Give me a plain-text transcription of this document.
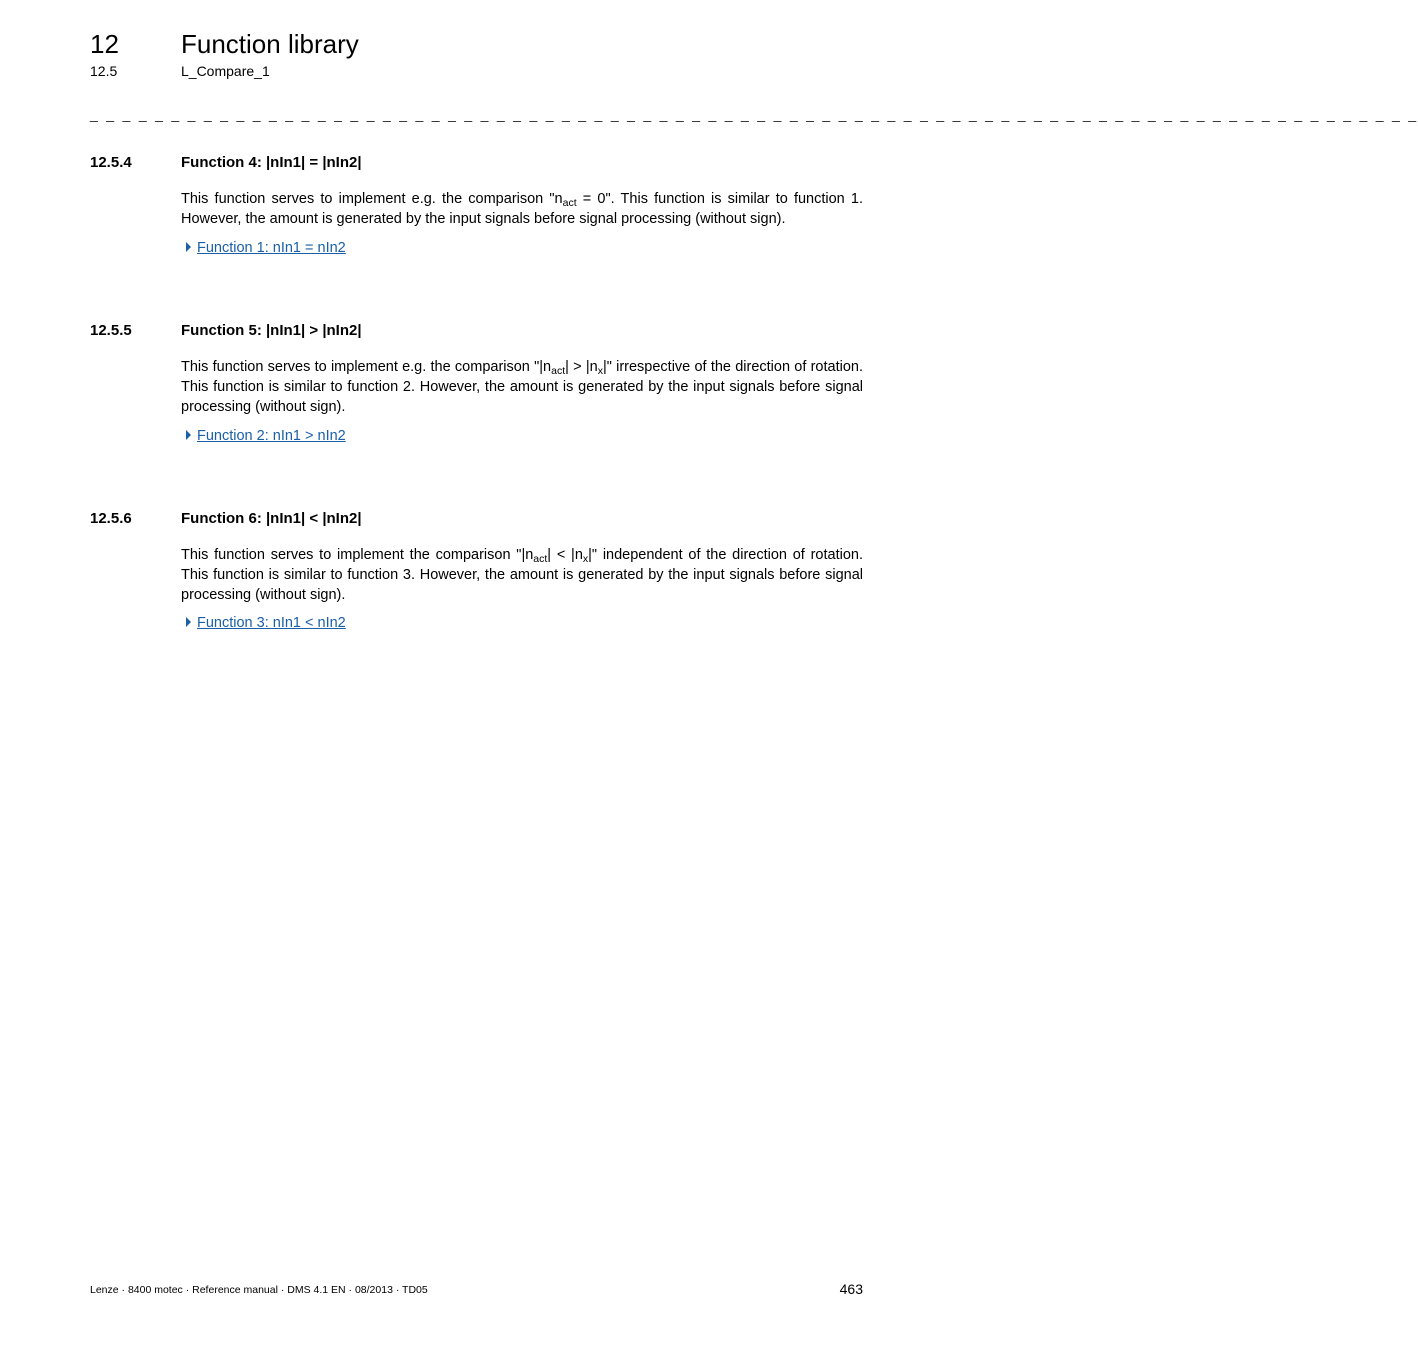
12 Function library
12.5	L_Compare_1
_ _ _ _ _ _ _ _ _ _ _ _ _ _ _ _ _ _ _ _ _ _ _ _ _ _ _ _ _ _ _ _ _ _ _ _ _ _ _ _ _ _ _ _ _ _ _ _ _ _ _ _ _ _ _ _ _ _ _ _ _ _ _ _ _ _ _ _ _ _ _ _ _ _ _ _ _ _ _ _ _ _
12.5.4	Function 4: |nIn1| = |nIn2|
This function serves to implement e.g. the comparison "$n_{act} = 0$". This function is similar to function 1. However, the amount is generated by the input signals before signal processing (without sign).
Function 1: nIn1 = nIn2
12.5.5	Function 5: |nIn1| > |nIn2|
This function serves to implement e.g. the comparison "$|n_{act}| > |n_x|$" irrespective of the direction of rotation. This function is similar to function 2. However, the amount is generated by the input signals before signal processing (without sign).
Function 2: nIn1 > nIn2
12.5.6	Function 6: |nIn1| < |nIn2|
This function serves to implement the comparison "$|n_{act}| < |n_x|$" independent of the direction of rotation. This function is similar to function 3. However, the amount is generated by the input signals before signal processing (without sign).
Function 3: nIn1 < nIn2
Lenze · 8400 motec · Reference manual · DMS 4.1 EN · 08/2013 · TD05	463
